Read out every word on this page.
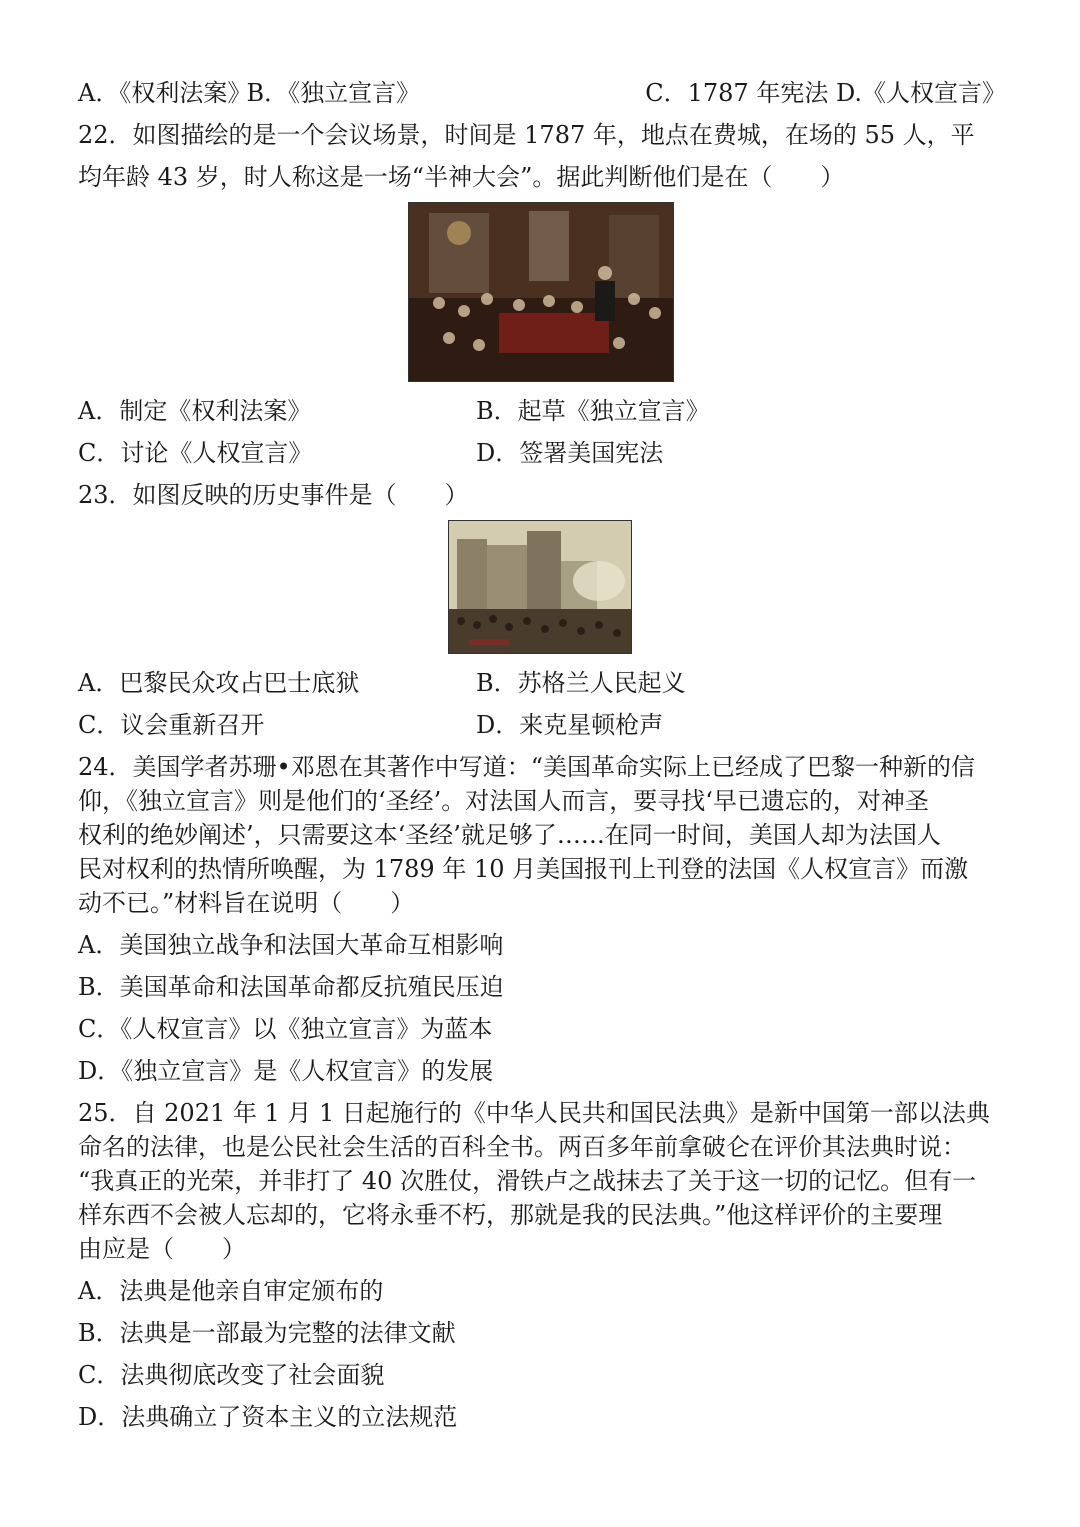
A．《权利法案》
B．《独立宣言》	C．1787 年宪法 D.《人权宣言》
22．如图描绘的是一个会议场景，时间是 1787 年，地点在费城，在场的 55 人，平
均年龄 43 岁，时人称这是一场“半神大会”。据此判断他们是在（　　）
A．制定《权利法案》	B．起草《独立宣言》
C．讨论《人权宣言》	D．签署美国宪法
23．如图反映的历史事件是（　　）
A．巴黎民众攻占巴士底狱	B．苏格兰人民起义
C．议会重新召开	D．来克星顿枪声
24．美国学者苏珊•邓恩在其著作中写道：“美国革命实际上已经成了巴黎一种新的信
仰，《独立宣言》则是他们的‘圣经’。对法国人而言，要寻找‘早已遗忘的，对神圣
权利的绝妙阐述’，只需要这本‘圣经’就足够了……在同一时间，美国人却为法国人
民对权利的热情所唤醒，为 1789 年 10 月美国报刊上刊登的法国《人权宣言》而激
动不已。”材料旨在说明（　　）
A．美国独立战争和法国大革命互相影响
B．美国革命和法国革命都反抗殖民压迫
C．《人权宣言》以《独立宣言》为蓝本
D．《独立宣言》是《人权宣言》的发展
25．自 2021 年 1 月 1 日起施行的《中华人民共和国民法典》是新中国第一部以法典
命名的法律，也是公民社会生活的百科全书。两百多年前拿破仑在评价其法典时说：
“我真正的光荣，并非打了 40 次胜仗，滑铁卢之战抹去了关于这一切的记忆。但有一
样东西不会被人忘却的，它将永垂不朽，那就是我的民法典。”他这样评价的主要理
由应是（　　）
A．法典是他亲自审定颁布的
B．法典是一部最为完整的法律文献
C．法典彻底改变了社会面貌
D．法典确立了资本主义的立法规范
